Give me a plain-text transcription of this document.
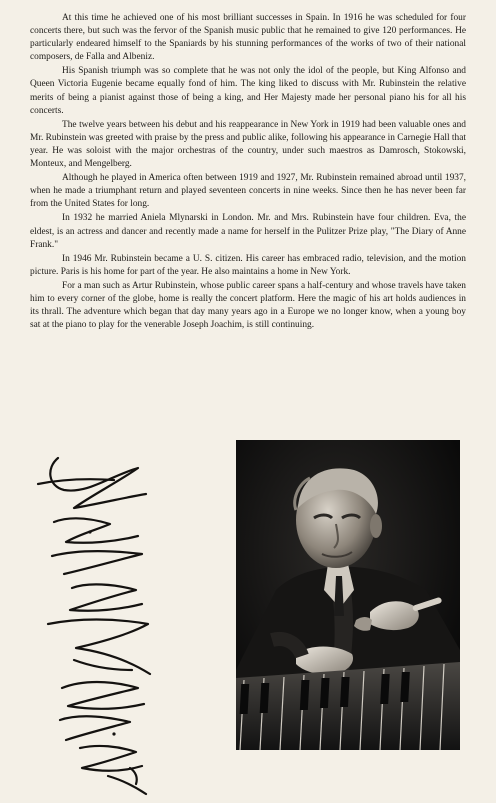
At this time he achieved one of his most brilliant successes in Spain. In 1916 he was scheduled for four concerts there, but such was the fervor of the Spanish music public that he remained to give 120 performances. He particularly endeared himself to the Spaniards by his stunning performances of the works of two of their national composers, de Falla and Albeniz.

His Spanish triumph was so complete that he was not only the idol of the people, but King Alfonso and Queen Victoria Eugenie became equally fond of him. The king liked to discuss with Mr. Rubinstein the relative merits of being a pianist against those of being a king, and Her Majesty made her personal piano his for all his concerts.

The twelve years between his debut and his reappearance in New York in 1919 had been valuable ones and Mr. Rubinstein was greeted with praise by the press and public alike, following his appearance in Carnegie Hall that year. He was soloist with the major orchestras of the country, under such maestros as Damrosch, Stokowski, Monteux, and Mengelberg.

Although he played in America often between 1919 and 1927, Mr. Rubinstein remained abroad until 1937, when he made a triumphant return and played seventeen concerts in nine weeks. Since then he has never been far from the United States for long.

In 1932 he married Aniela Mlynarski in London. Mr. and Mrs. Rubinstein have four children. Eva, the eldest, is an actress and dancer and recently made a name for herself in the Pulitzer Prize play, "The Diary of Anne Frank."

In 1946 Mr. Rubinstein became a U. S. citizen. His career has embraced radio, television, and the motion picture. Paris is his home for part of the year. He also maintains a home in New York.

For a man such as Artur Rubinstein, whose public career spans a half-century and whose travels have taken him to every corner of the globe, home is really the concert platform. Here the magic of his art holds audiences in its thrall. The adventure which began that day many years ago in a Europe we no longer know, when a young boy sat at the piano to play for the venerable Joseph Joachim, is still continuing.
